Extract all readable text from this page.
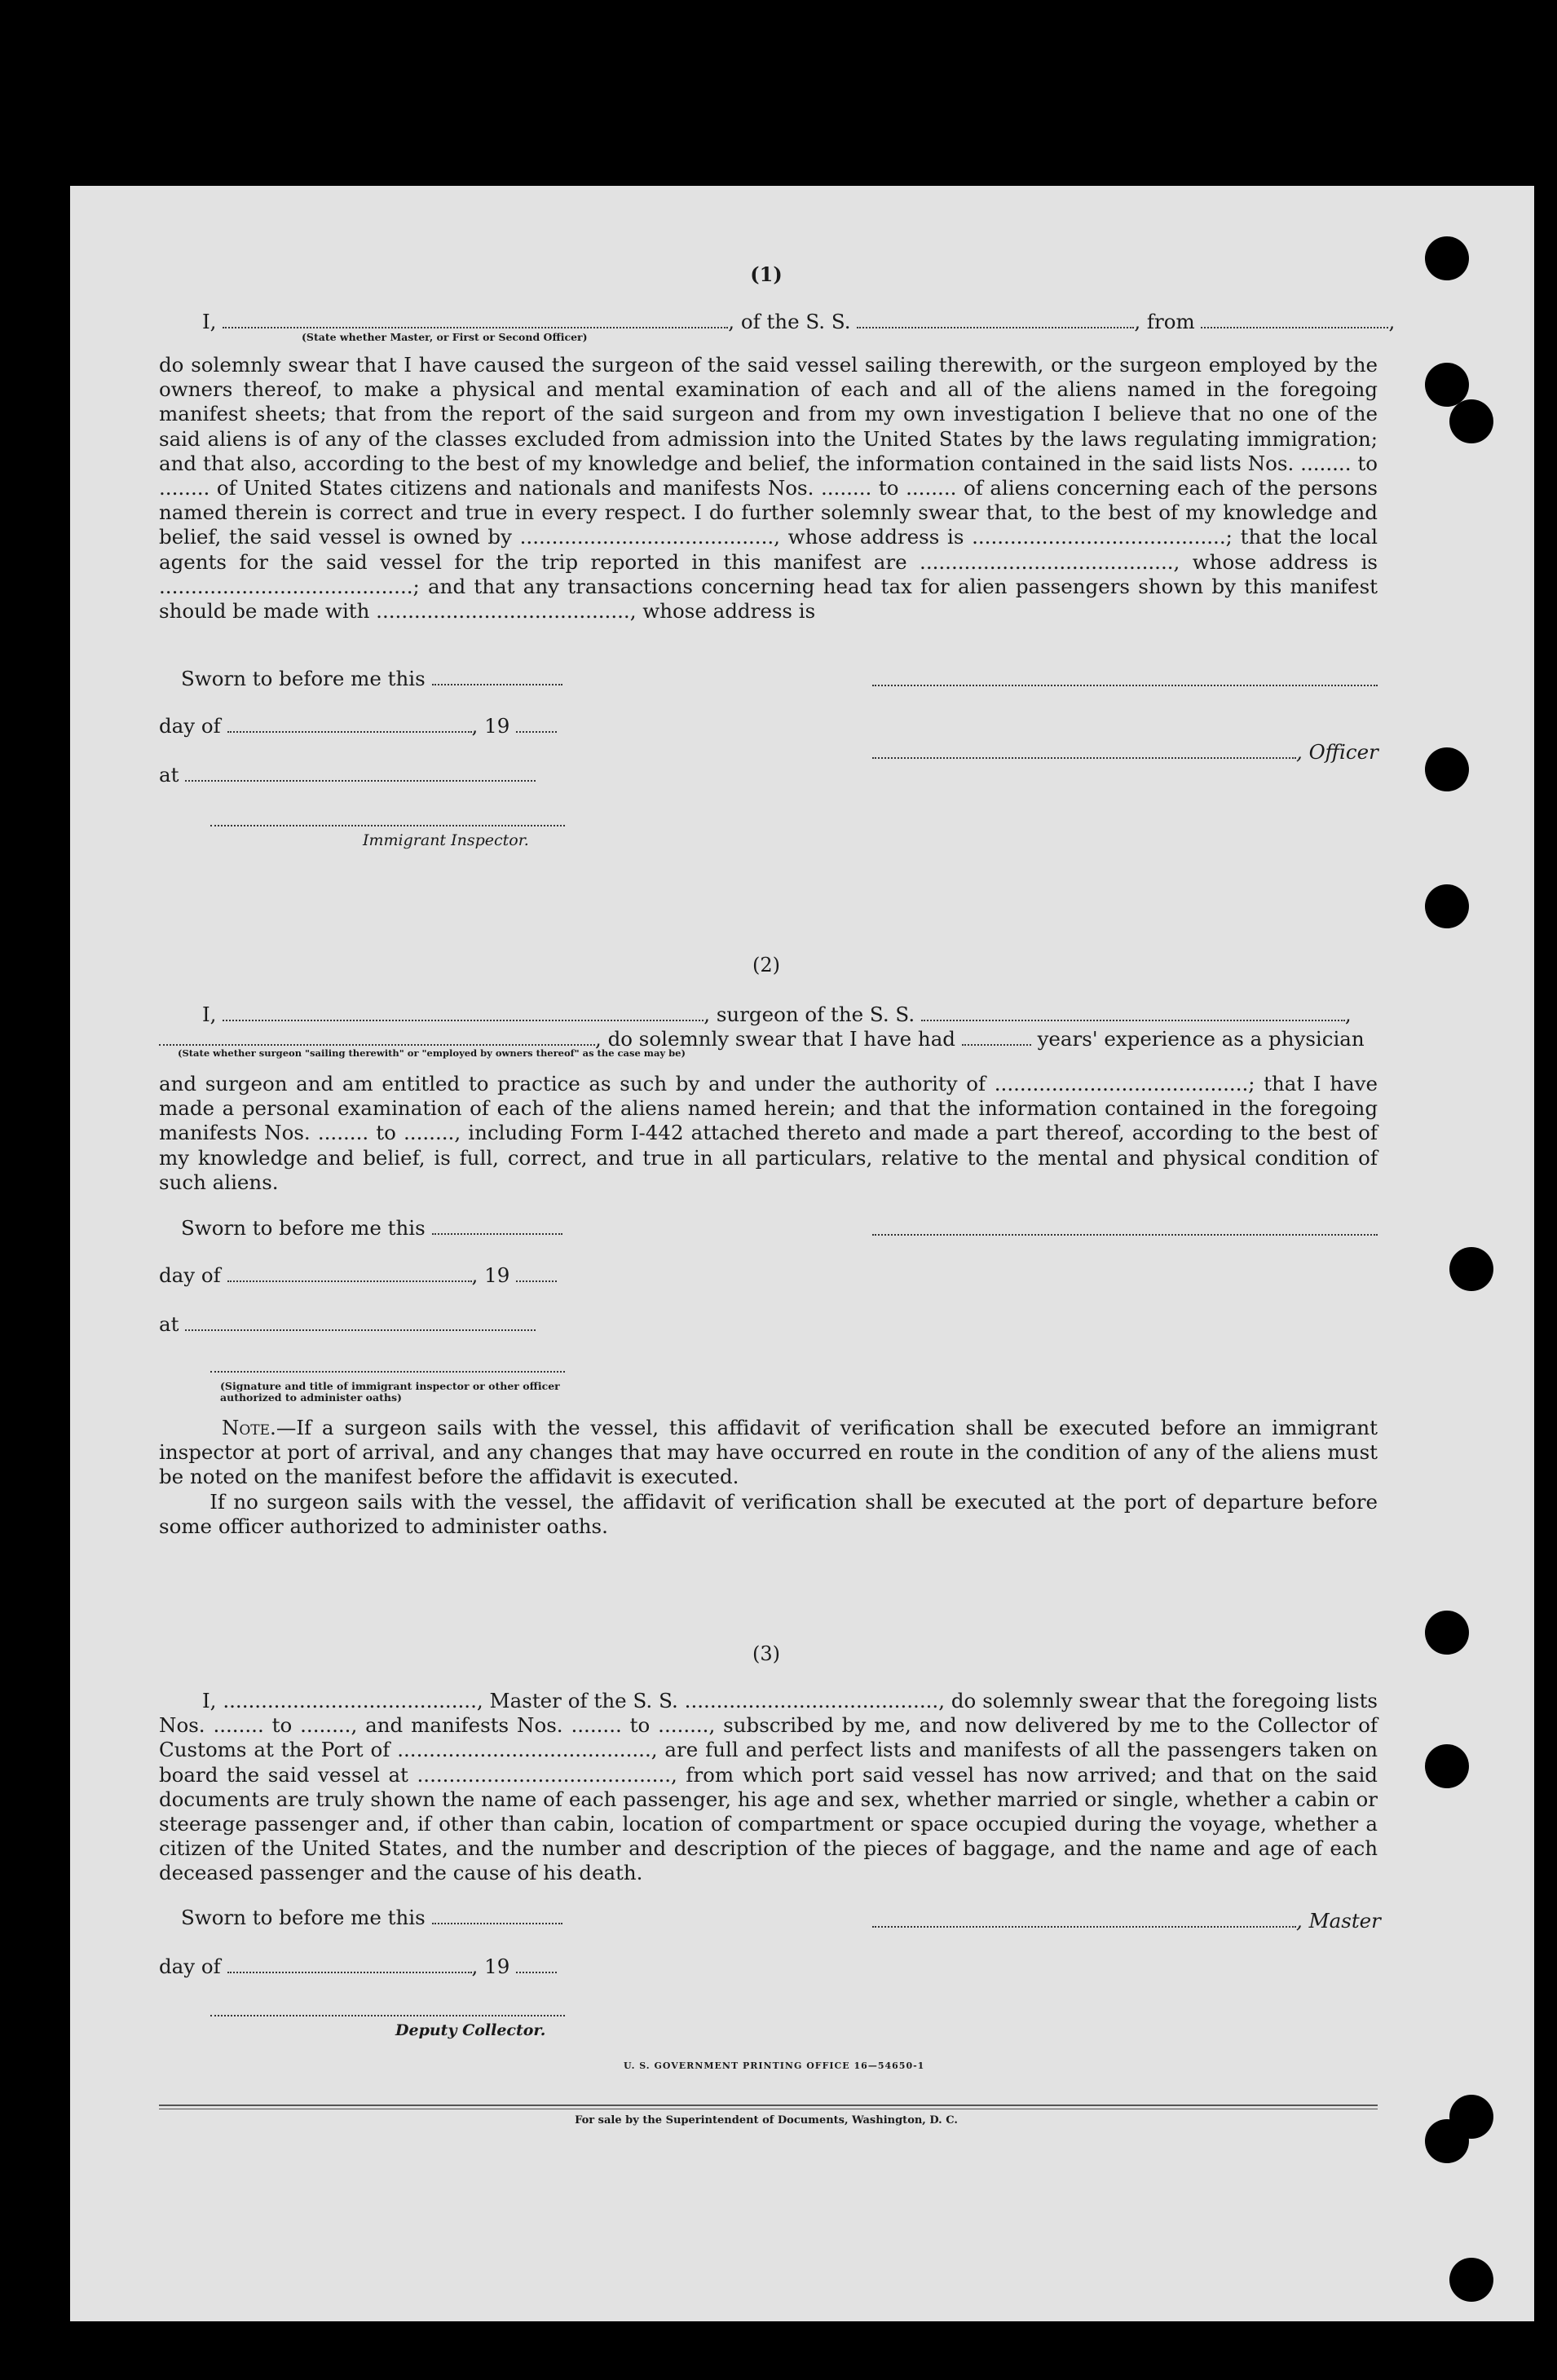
(1)
I,	, of the S. S.	, from	,
(State whether Master, or First or Second Officer)
do solemnly swear that I have caused the surgeon of the said vessel sailing therewith, or the surgeon employed by the owners thereof, to make a physical and mental examination of each and all of the aliens named in the foregoing manifest sheets; that from the report of the said surgeon and from my own investigation I believe that no one of the said aliens is of any of the classes excluded from admission into the United States by the laws regulating immigration; and that also, according to the best of my knowledge and belief, the information contained in the said lists Nos. ........ to ........ of United States citizens and nationals and manifests Nos. ........ to ........ of aliens concerning each of the persons named therein is correct and true in every respect. I do further solemnly swear that, to the best of my knowledge and belief, the said vessel is owned by ........................................, whose address is ........................................; that the local agents for the said vessel for the trip reported in this manifest are ........................................, whose address is ........................................; and that any transactions concerning head tax for alien passengers shown by this manifest should be made with ........................................, whose address is
Sworn to before me this
day of	, 19
, Officer
at
Immigrant Inspector.
(2)
I,	, surgeon of the S. S.	,
, do solemnly swear that I have had	years' experience as a physician
(State whether surgeon "sailing therewith" or "employed by owners thereof" as the case may be)
and surgeon and am entitled to practice as such by and under the authority of ........................................; that I have made a personal examination of each of the aliens named herein; and that the information contained in the foregoing manifests Nos. ........ to ........, including Form I-442 attached thereto and made a part thereof, according to the best of my knowledge and belief, is full, correct, and true in all particulars, relative to the mental and physical condition of such aliens.
Sworn to before me this
day of	, 19
at
(Signature and title of immigrant inspector or other officer authorized to administer oaths)
Note.—If a surgeon sails with the vessel, this affidavit of verification shall be executed before an immigrant inspector at port of arrival, and any changes that may have occurred en route in the condition of any of the aliens must be noted on the manifest before the affidavit is executed.
If no surgeon sails with the vessel, the affidavit of verification shall be executed at the port of departure before some officer authorized to administer oaths.
(3)
I, ........................................, Master of the S. S. ........................................, do solemnly swear that the foregoing lists Nos. ........ to ........, and manifests Nos. ........ to ........, subscribed by me, and now delivered by me to the Collector of Customs at the Port of ........................................, are full and perfect lists and manifests of all the passengers taken on board the said vessel at ........................................, from which port said vessel has now arrived; and that on the said documents are truly shown the name of each passenger, his age and sex, whether married or single, whether a cabin or steerage passenger and, if other than cabin, location of compartment or space occupied during the voyage, whether a citizen of the United States, and the number and description of the pieces of baggage, and the name and age of each deceased passenger and the cause of his death.
Sworn to before me this	, Master
day of	, 19
Deputy Collector.
U. S. GOVERNMENT PRINTING OFFICE 16—54650-1
For sale by the Superintendent of Documents, Washington, D. C.
